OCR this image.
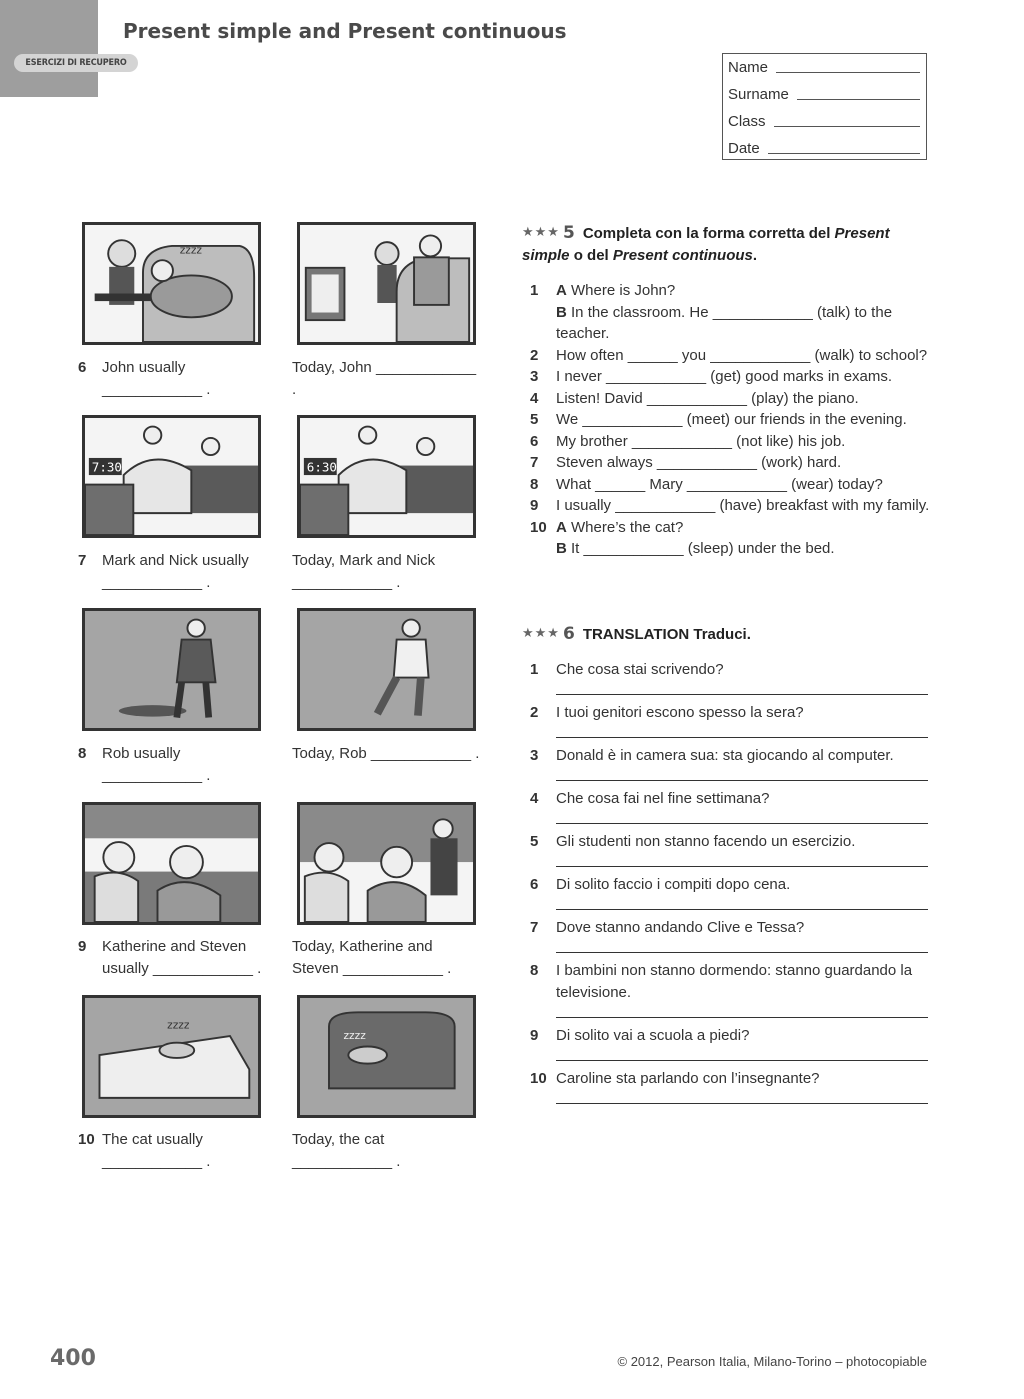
ESERCIZI DI RECUPERO
Present simple and Present continuous
Name
Surname
Class
Date
zzzz
6 John usually
____________ .
Today, John ____________
.
7:30	6:30
7 Mark and Nick usually
____________ .
Today, Mark and Nick
____________ .
8 Rob usually
____________ .
Today, Rob ____________ .
9 Katherine and Steven
usually ____________ .
Today, Katherine and
Steven ____________ .
zzzz
zzzz
10 The cat usually
____________ .
Today, the cat
____________ .
★★★ 5 Completa con la forma corretta del Present simple o del Present continuous.
1 A Where is John?
B In the classroom. He ____________ (talk) to the teacher.
2 How often ______ you ____________ (walk) to school?
3 I never ____________ (get) good marks in exams.
4 Listen! David ____________ (play) the piano.
5 We ____________ (meet) our friends in the evening.
6 My brother ____________ (not like) his job.
7 Steven always ____________ (work) hard.
8 What ______ Mary ____________ (wear) today?
9 I usually ____________ (have) breakfast with my family.
10 A Where’s the cat?
B It ____________ (sleep) under the bed.
★★★ 6 TRANSLATION Traduci.
1 Che cosa stai scrivendo?
2 I tuoi genitori escono spesso la sera?
3 Donald è in camera sua: sta giocando al computer.
4 Che cosa fai nel fine settimana?
5 Gli studenti non stanno facendo un esercizio.
6 Di solito faccio i compiti dopo cena.
7 Dove stanno andando Clive e Tessa?
8 I bambini non stanno dormendo: stanno guardando la televisione.
9 Di solito vai a scuola a piedi?
10 Caroline sta parlando con l’insegnante?
400	© 2012, Pearson Italia, Milano-Torino – photocopiable
